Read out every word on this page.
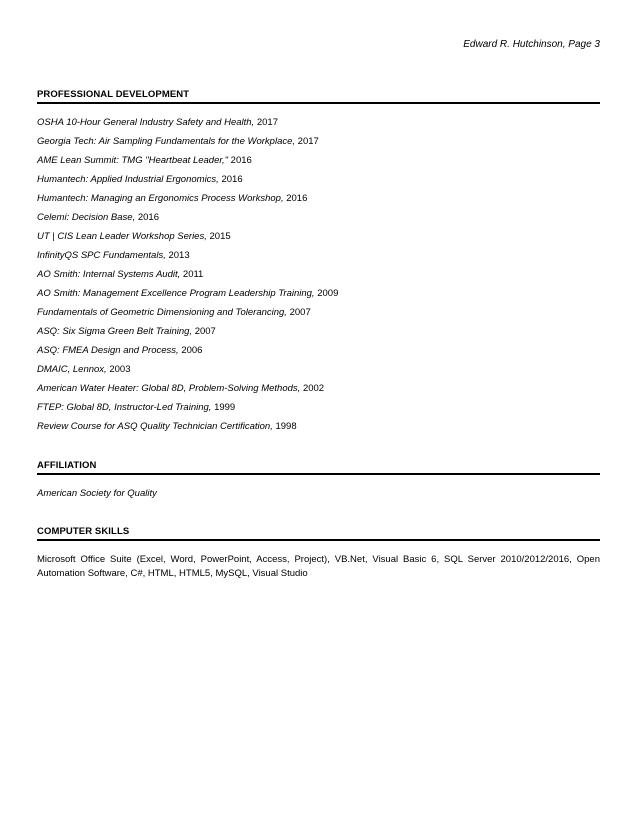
Edward R. Hutchinson, Page 3
PROFESSIONAL DEVELOPMENT
OSHA 10-Hour General Industry Safety and Health, 2017
Georgia Tech: Air Sampling Fundamentals for the Workplace, 2017
AME Lean Summit: TMG "Heartbeat Leader," 2016
Humantech: Applied Industrial Ergonomics, 2016
Humantech: Managing an Ergonomics Process Workshop, 2016
Celemi: Decision Base, 2016
UT | CIS Lean Leader Workshop Series, 2015
InfinityQS SPC Fundamentals, 2013
AO Smith: Internal Systems Audit, 2011
AO Smith: Management Excellence Program Leadership Training, 2009
Fundamentals of Geometric Dimensioning and Tolerancing, 2007
ASQ: Six Sigma Green Belt Training, 2007
ASQ: FMEA Design and Process, 2006
DMAIC, Lennox, 2003
American Water Heater: Global 8D, Problem-Solving Methods, 2002
FTEP: Global 8D, Instructor-Led Training, 1999
Review Course for ASQ Quality Technician Certification, 1998
AFFILIATION
American Society for Quality
COMPUTER SKILLS
Microsoft Office Suite (Excel, Word, PowerPoint, Access, Project), VB.Net, Visual Basic 6, SQL Server 2010/2012/2016, Open Automation Software, C#, HTML, HTML5, MySQL, Visual Studio
